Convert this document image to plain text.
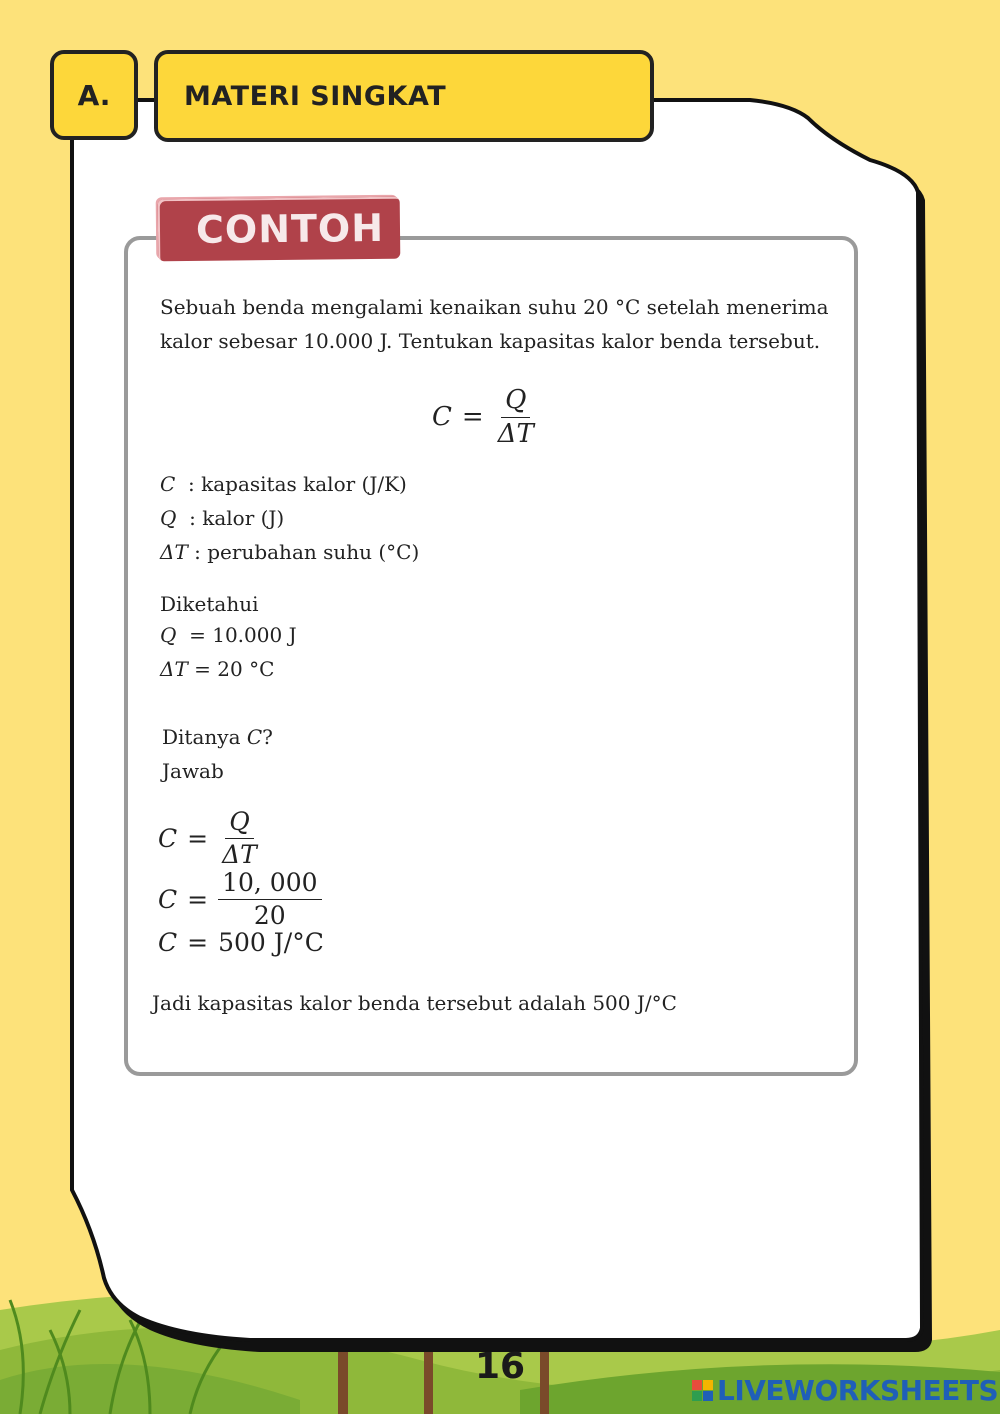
A.	MATERI SINGKAT
CONTOH
Sebuah benda mengalami kenaikan suhu 20 °C setelah menerima
kalor sebesar 10.000 J. Tentukan kapasitas kalor benda tersebut.
$C = \frac{Q}{\Delta T}$
C  : kapasitas kalor (J/K)
Q  : kalor (J)
ΔT : perubahan suhu (°C)
Diketahui
Q  = 10.000 J
ΔT = 20 °C
Ditanya C?
Jawab
$C = \frac{Q}{\Delta T}$
$C = \frac{10, 000}{20}$
C = 500 J/°C
Jadi kapasitas kalor benda tersebut adalah 500 J/°C
16
LIVEWORKSHEETS
